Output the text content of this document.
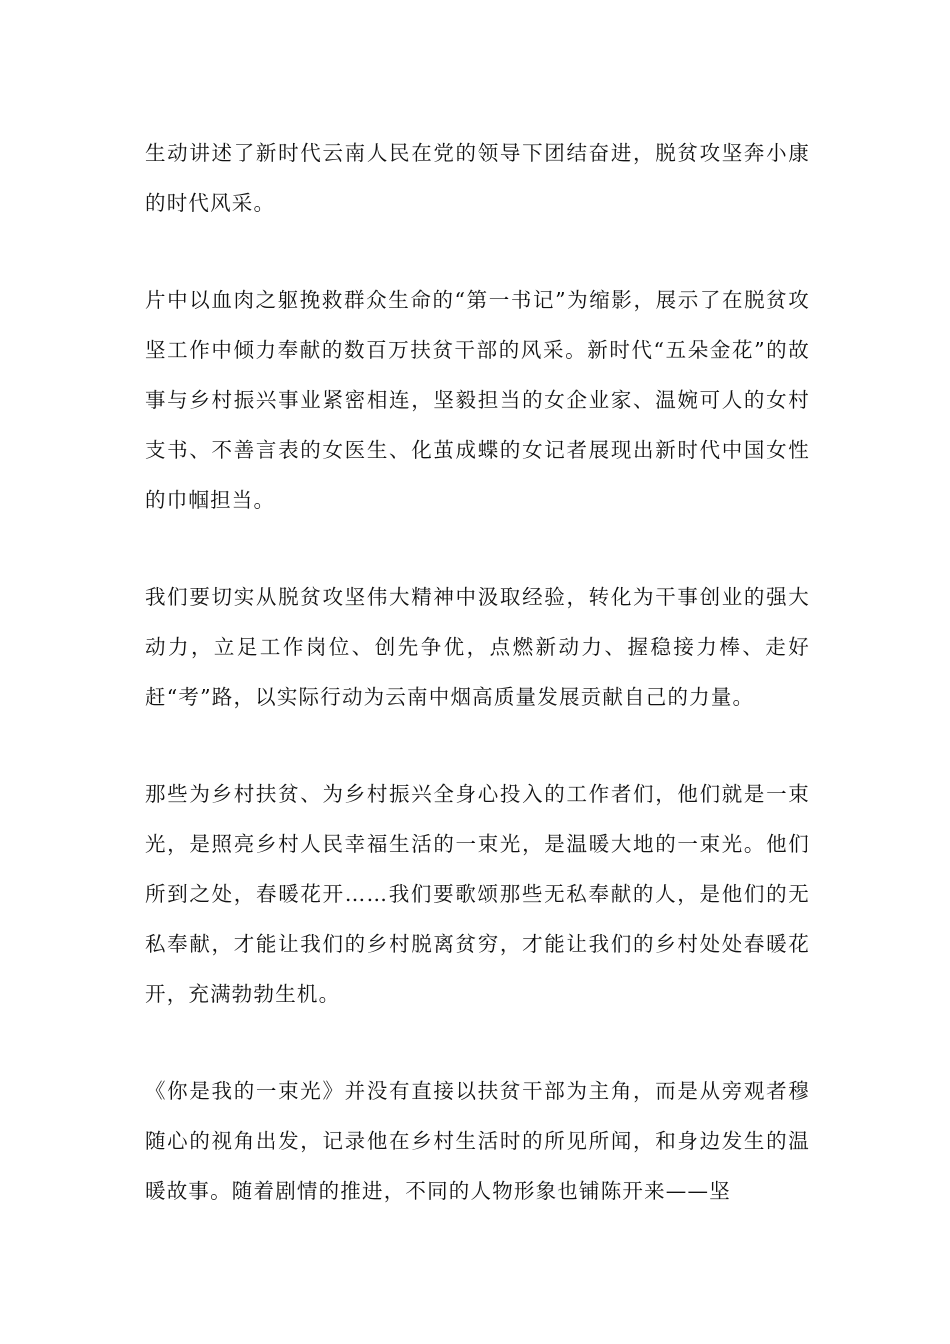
生动讲述了新时代云南人民在党的领导下团结奋进，脱贫攻坚奔小康的时代风采。

片中以血肉之躯挽救群众生命的“第一书记”为缩影，展示了在脱贫攻坚工作中倾力奉献的数百万扶贫干部的风采。新时代“五朵金花”的故事与乡村振兴事业紧密相连，坚毅担当的女企业家、温婉可人的女村支书、不善言表的女医生、化茧成蝶的女记者展现出新时代中国女性的巾帼担当。

我们要切实从脱贫攻坚伟大精神中汲取经验，转化为干事创业的强大动力，立足工作岗位、创先争优，点燃新动力、握稳接力棒、走好赶“考”路，以实际行动为云南中烟高质量发展贡献自己的力量。

那些为乡村扶贫、为乡村振兴全身心投入的工作者们，他们就是一束光，是照亮乡村人民幸福生活的一束光，是温暖大地的一束光。他们所到之处，春暖花开……我们要歌颂那些无私奉献的人，是他们的无私奉献，才能让我们的乡村脱离贫穷，才能让我们的乡村处处春暖花开，充满勃勃生机。

《你是我的一束光》并没有直接以扶贫干部为主角，而是从旁观者穆随心的视角出发，记录他在乡村生活时的所见所闻，和身边发生的温暖故事。随着剧情的推进，不同的人物形象也铺陈开来——坚
